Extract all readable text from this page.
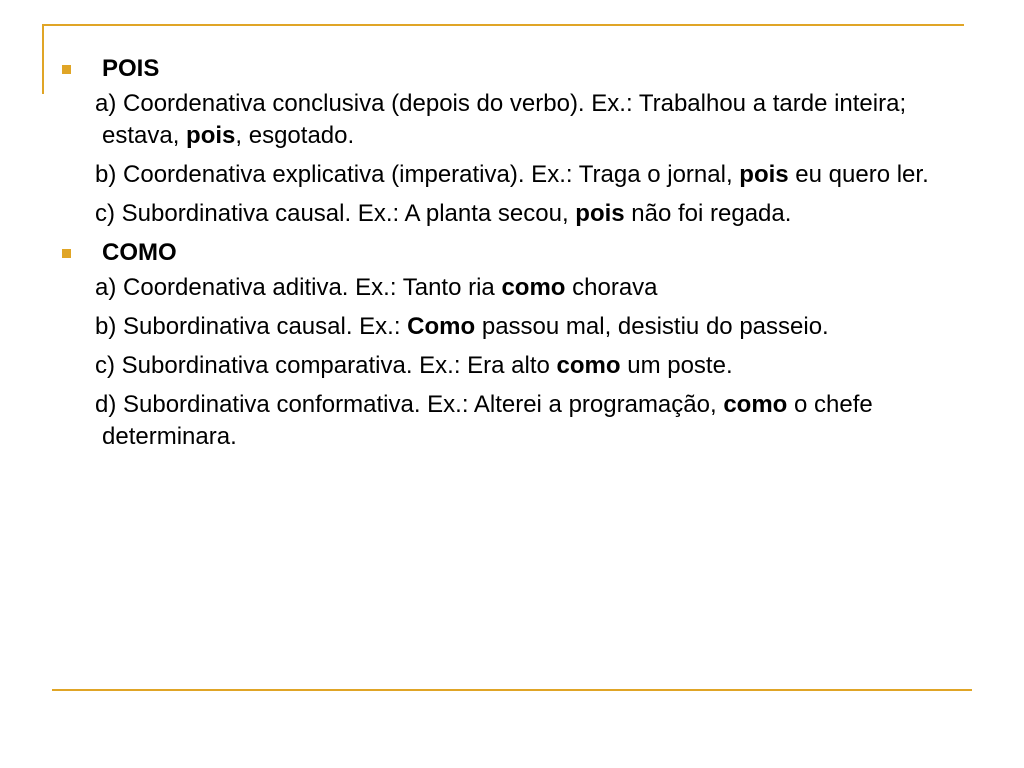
POIS
a) Coordenativa conclusiva (depois do verbo). Ex.: Trabalhou a tarde inteira; estava, pois, esgotado.
b) Coordenativa explicativa (imperativa). Ex.: Traga o jornal, pois eu quero ler.
c) Subordinativa causal. Ex.: A planta secou, pois não foi regada.
COMO
a) Coordenativa aditiva. Ex.: Tanto ria como chorava
b) Subordinativa causal. Ex.: Como passou mal, desistiu do passeio.
c) Subordinativa comparativa. Ex.: Era alto como um poste.
d) Subordinativa conformativa. Ex.: Alterei a programação, como o chefe determinara.
